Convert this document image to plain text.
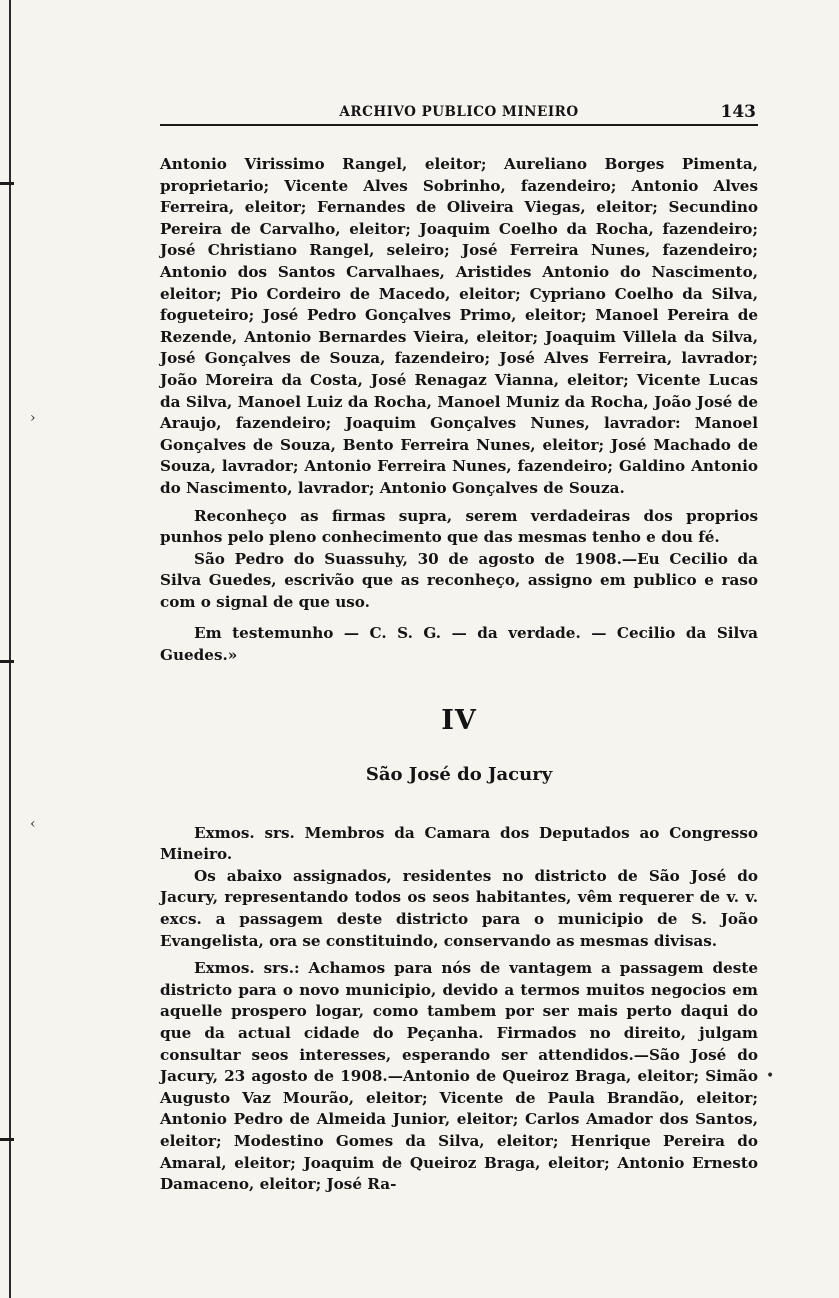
›
‹
•
ARCHIVO PUBLICO MINEIRO	143

Antonio Virissimo Rangel, eleitor; Aureliano Borges Pimenta, proprietario; Vicente Alves Sobrinho, fazendeiro; Antonio Alves Ferreira, eleitor; Fernandes de Oliveira Viegas, eleitor; Secundino Pereira de Carvalho, eleitor; Joaquim Coelho da Rocha, fazendeiro; José Christiano Rangel, seleiro; José Ferreira Nunes, fazendeiro; Antonio dos Santos Carvalhaes, Aristides Antonio do Nascimento, eleitor; Pio Cordeiro de Macedo, eleitor; Cypriano Coelho da Silva, fogueteiro; José Pedro Gonçalves Primo, eleitor; Manoel Pereira de Rezende, Antonio Bernardes Vieira, eleitor; Joaquim Villela da Silva, José Gonçalves de Souza, fazendeiro; José Alves Ferreira, lavrador; João Moreira da Costa, José Renagaz Vianna, eleitor; Vicente Lucas da Silva, Manoel Luiz da Rocha, Manoel Muniz da Rocha, João José de Araujo, fazendeiro; Joaquim Gonçalves Nunes, lavrador: Manoel Gonçalves de Souza, Bento Ferreira Nunes, eleitor; José Machado de Souza, lavrador; Antonio Ferreira Nunes, fazendeiro; Galdino Antonio do Nascimento, lavrador; Antonio Gonçalves de Souza.

Reconheço as firmas supra, serem verdadeiras dos proprios punhos pelo pleno conhecimento que das mesmas tenho e dou fé.

São Pedro do Suassuhy, 30 de agosto de 1908.—Eu Cecilio da Silva Guedes, escrivão que as reconheço, assigno em publico e raso com o signal de que uso.

Em testemunho — C. S. G. — da verdade. — Cecilio da Silva Guedes.»

IV
São José do Jacury

Exmos. srs. Membros da Camara dos Deputados ao Congresso Mineiro.

Os abaixo assignados, residentes no districto de São José do Jacury, representando todos os seos habitantes, vêm requerer de v. v. excs. a passagem deste districto para o municipio de S. João Evangelista, ora se constituindo, conservando as mesmas divisas.

Exmos. srs.: Achamos para nós de vantagem a passagem deste districto para o novo municipio, devido a termos muitos negocios em aquelle prospero logar, como tambem por ser mais perto daqui do que da actual cidade do Peçanha. Firmados no direito, julgam consultar seos interesses, esperando ser attendidos.—São José do Jacury, 23 agosto de 1908.—Antonio de Queiroz Braga, eleitor; Simão Augusto Vaz Mourão, eleitor; Vicente de Paula Brandão, eleitor; Antonio Pedro de Almeida Junior, eleitor; Carlos Amador dos Santos, eleitor; Modestino Gomes da Silva, eleitor; Henrique Pereira do Amaral, eleitor; Joaquim de Queiroz Braga, eleitor; Antonio Ernesto Damaceno, eleitor; José Ra-
